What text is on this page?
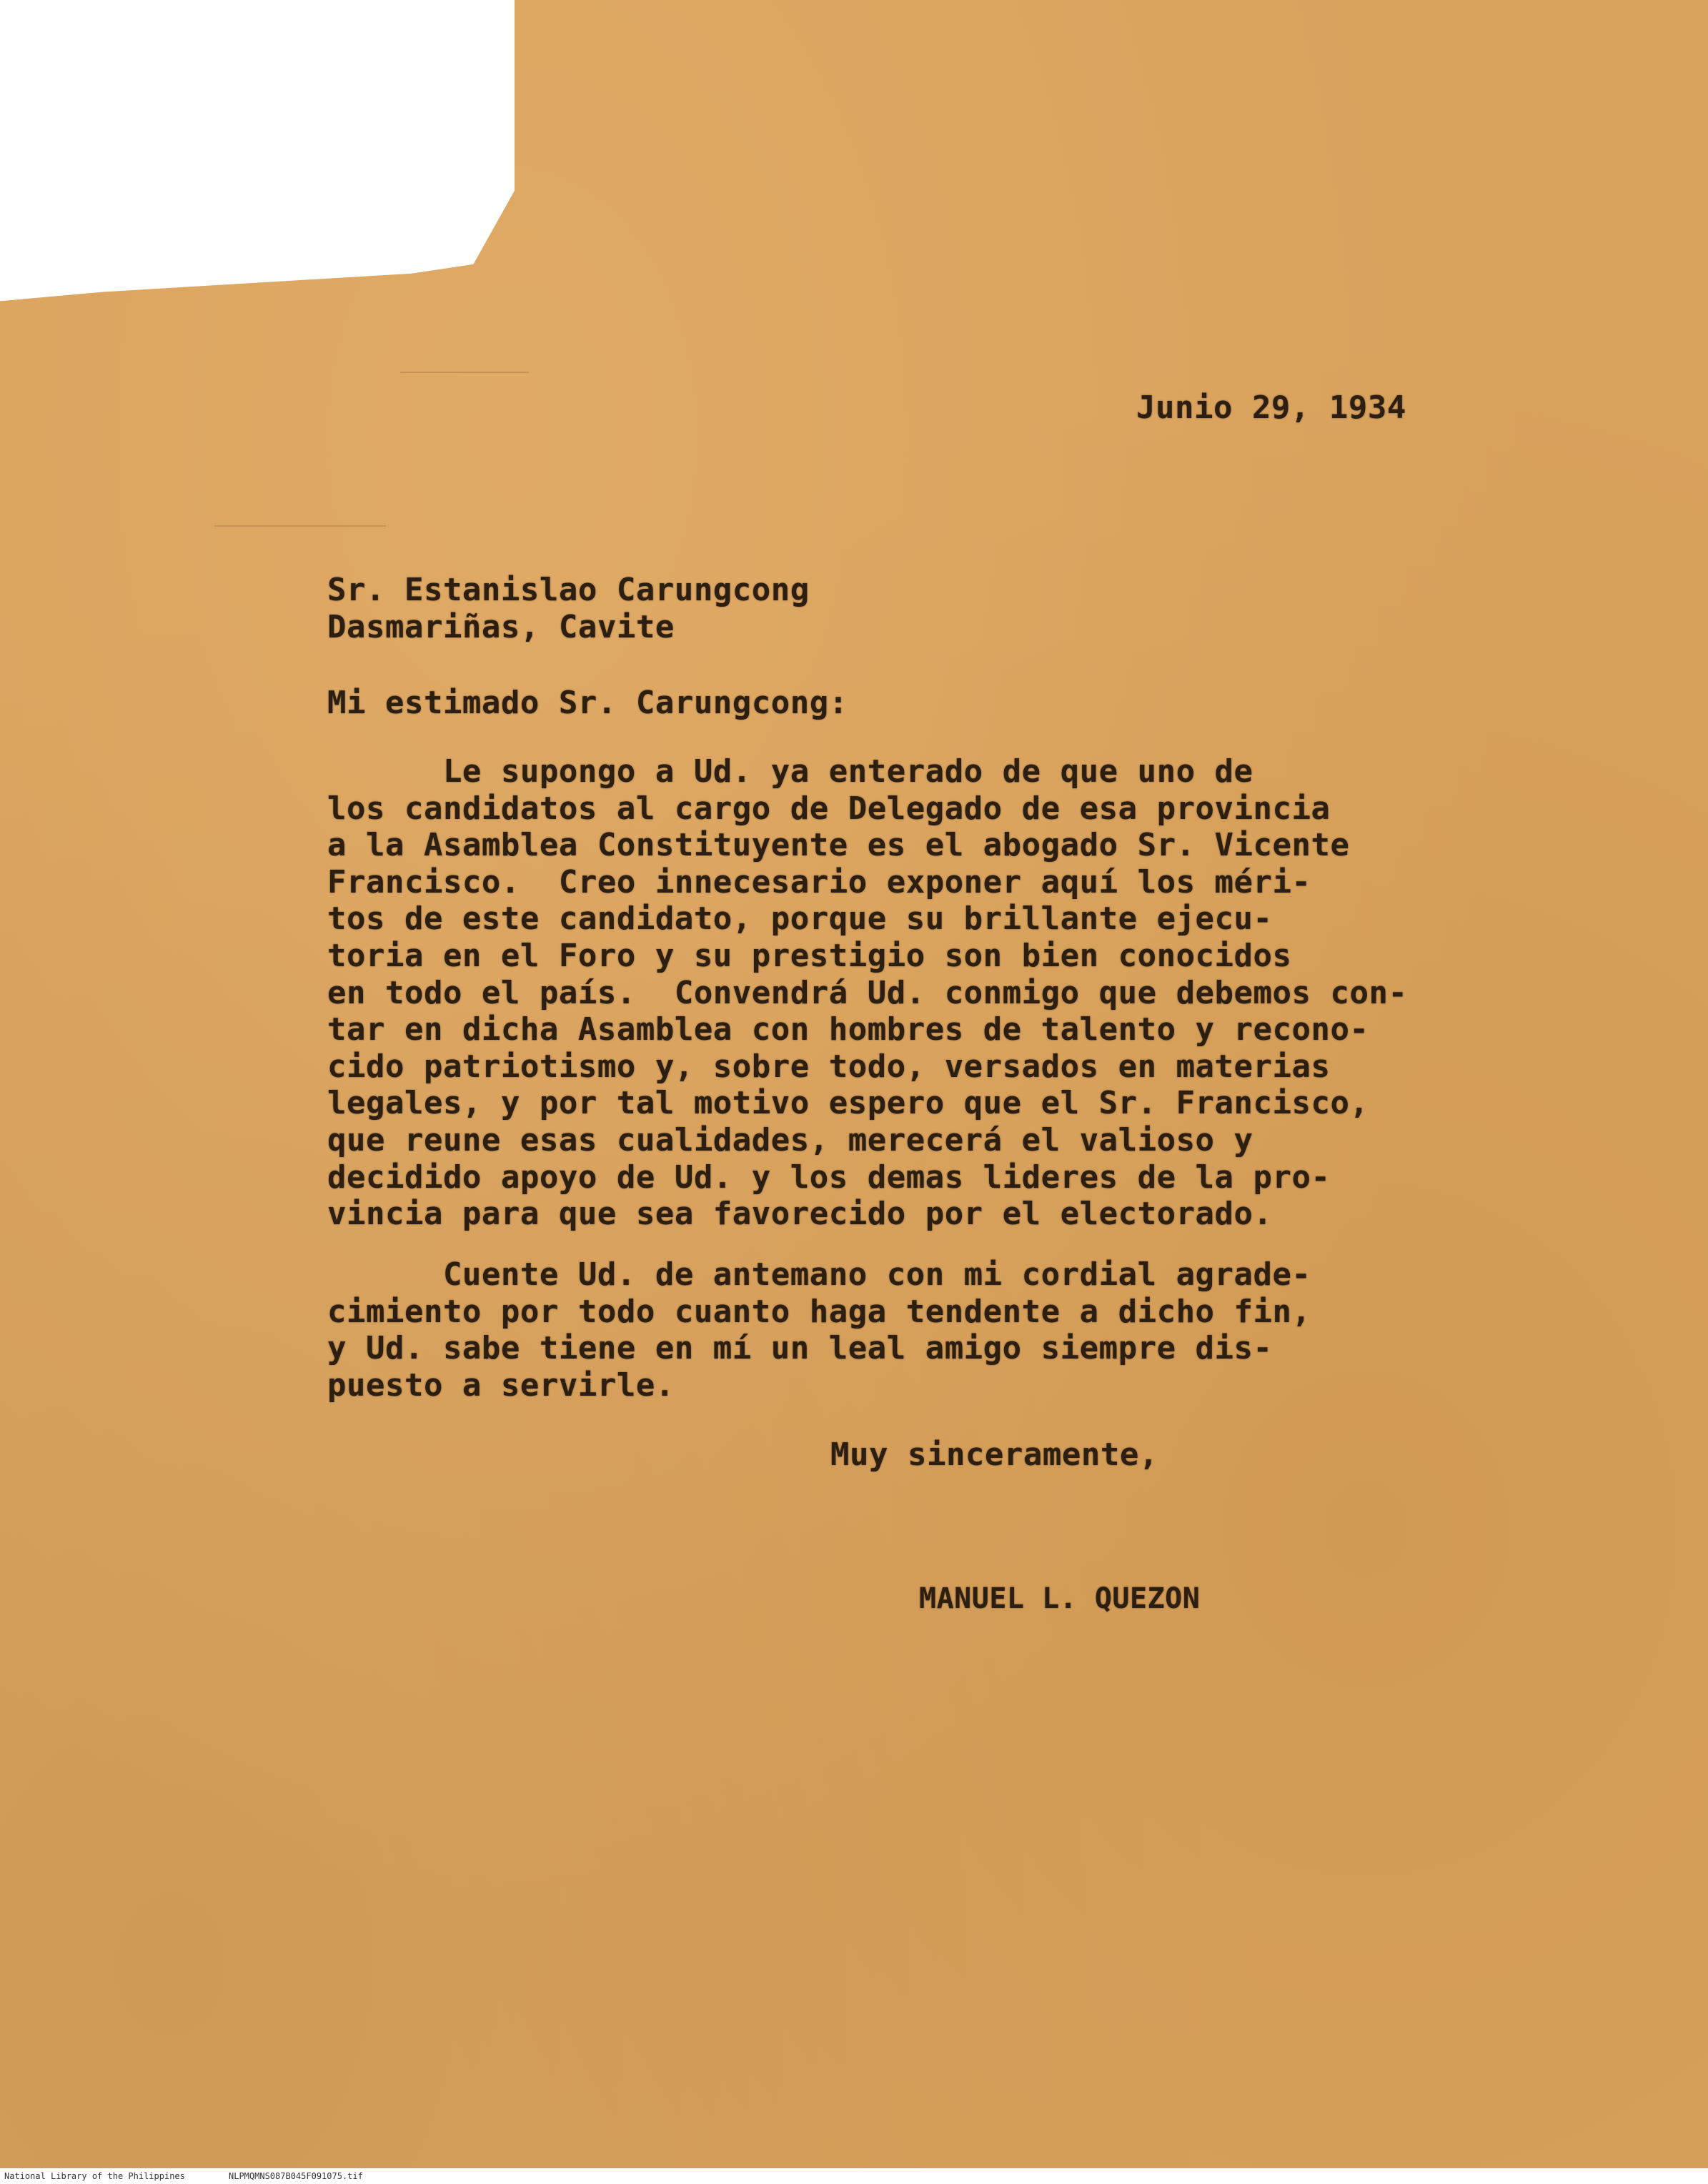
Junio 29, 1934
Sr. Estanislao Carungcong
Dasmariñas, Cavite
Mi estimado Sr. Carungcong:
Le supongo a Ud. ya enterado de que uno de
los candidatos al cargo de Delegado de esa provincia
a la Asamblea Constituyente es el abogado Sr. Vicente
Francisco.  Creo innecesario exponer aquí los méri-
tos de este candidato, porque su brillante ejecu-
toria en el Foro y su prestigio son bien conocidos
en todo el país.  Convendrá Ud. conmigo que debemos con-
tar en dicha Asamblea con hombres de talento y recono-
cido patriotismo y, sobre todo, versados en materias
legales, y por tal motivo espero que el Sr. Francisco,
que reune esas cualidades, merecerá el valioso y
decidido apoyo de Ud. y los demas lideres de la pro-
vincia para que sea favorecido por el electorado.
Cuente Ud. de antemano con mi cordial agrade-
cimiento por todo cuanto haga tendente a dicho fin,
y Ud. sabe tiene en mí un leal amigo siempre dis-
puesto a servirle.
Muy sinceramente,
MANUEL L. QUEZON
National Library of the Philippines	NLPMQMNS087B045F091075.tif
